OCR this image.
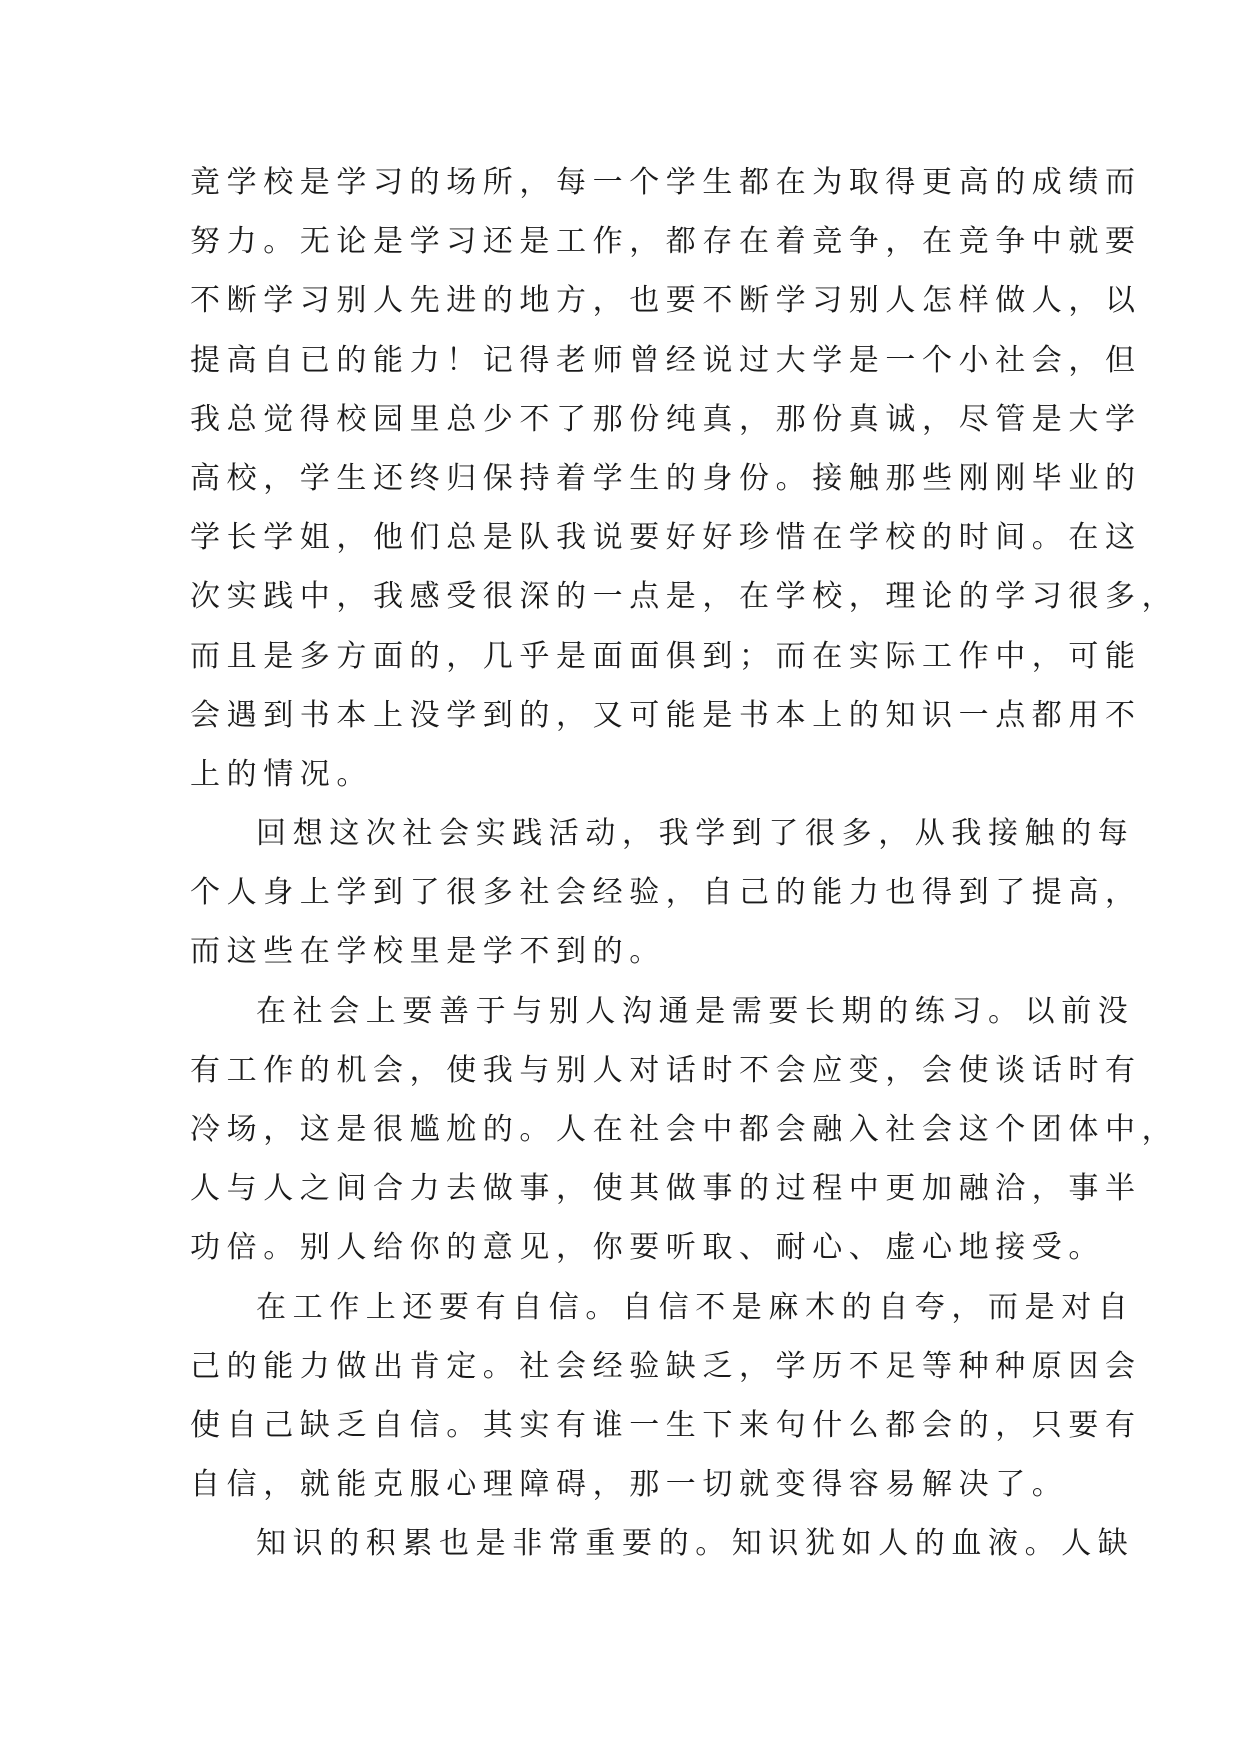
竟学校是学习的场所，每一个学生都在为取得更高的成绩而
努力。无论是学习还是工作，都存在着竞争，在竞争中就要
不断学习别人先进的地方，也要不断学习别人怎样做人，以
提高自已的能力！记得老师曾经说过大学是一个小社会，但
我总觉得校园里总少不了那份纯真，那份真诚，尽管是大学
高校，学生还终归保持着学生的身份。接触那些刚刚毕业的
学长学姐，他们总是队我说要好好珍惜在学校的时间。在这
次实践中，我感受很深的一点是，在学校，理论的学习很多，
而且是多方面的，几乎是面面俱到；而在实际工作中，可能
会遇到书本上没学到的，又可能是书本上的知识一点都用不
上的情况。
回想这次社会实践活动，我学到了很多，从我接触的每
个人身上学到了很多社会经验，自己的能力也得到了提高，
而这些在学校里是学不到的。
在社会上要善于与别人沟通是需要长期的练习。以前没
有工作的机会，使我与别人对话时不会应变，会使谈话时有
冷场，这是很尴尬的。人在社会中都会融入社会这个团体中，
人与人之间合力去做事，使其做事的过程中更加融洽，事半
功倍。别人给你的意见，你要听取、耐心、虚心地接受。
在工作上还要有自信。自信不是麻木的自夸，而是对自
己的能力做出肯定。社会经验缺乏，学历不足等种种原因会
使自己缺乏自信。其实有谁一生下来句什么都会的，只要有
自信，就能克服心理障碍，那一切就变得容易解决了。
知识的积累也是非常重要的。知识犹如人的血液。人缺
